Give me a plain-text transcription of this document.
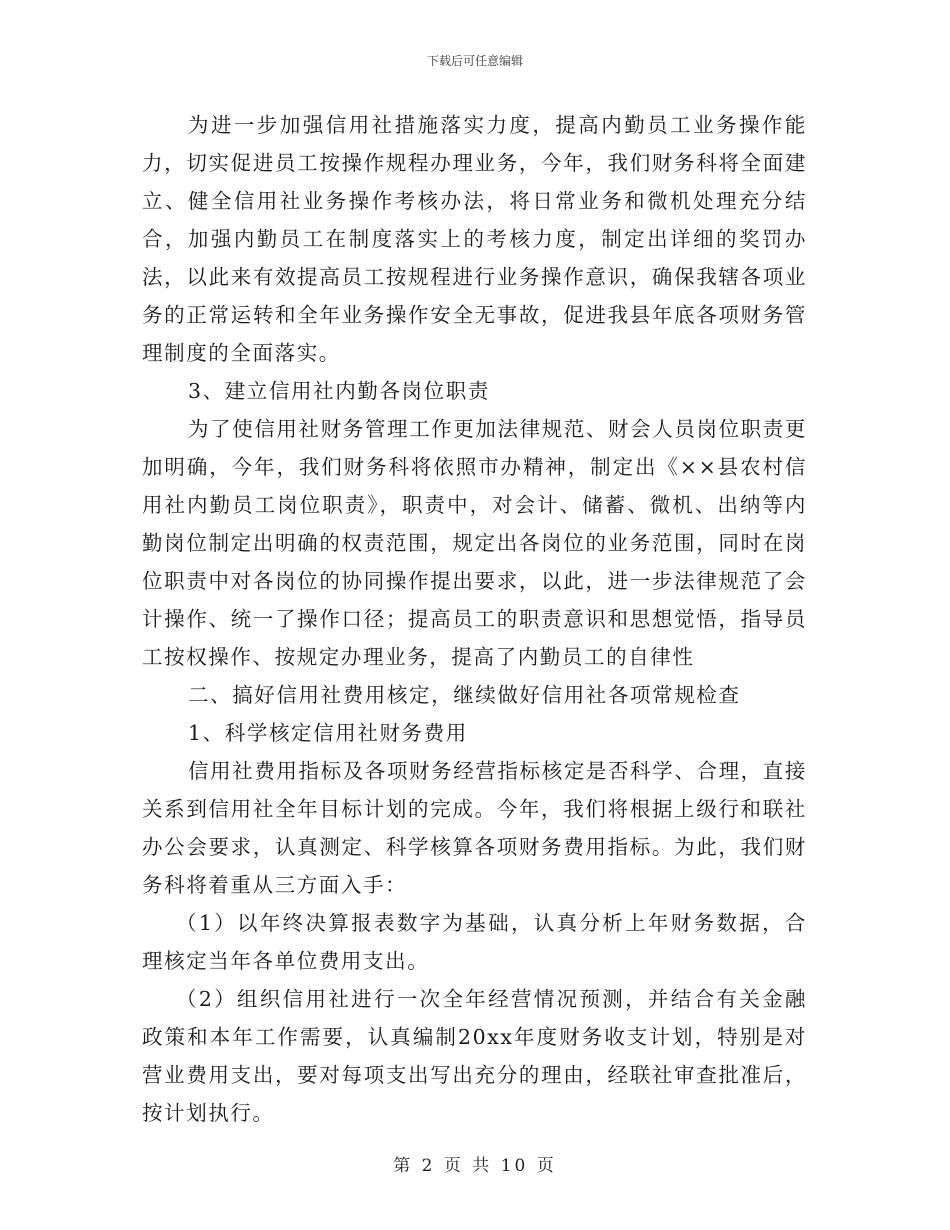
下载后可任意编辑

为进一步加强信用社措施落实力度，提高内勤员工业务操作能力，切实促进员工按操作规程办理业务，今年，我们财务科将全面建立、健全信用社业务操作考核办法，将日常业务和微机处理充分结合，加强内勤员工在制度落实上的考核力度，制定出详细的奖罚办法，以此来有效提高员工按规程进行业务操作意识，确保我辖各项业务的正常运转和全年业务操作安全无事故，促进我县年底各项财务管理制度的全面落实。

3、建立信用社内勤各岗位职责

为了使信用社财务管理工作更加法律规范、财会人员岗位职责更加明确，今年，我们财务科将依照市办精神，制定出《××县农村信用社内勤员工岗位职责》，职责中，对会计、储蓄、微机、出纳等内勤岗位制定出明确的权责范围，规定出各岗位的业务范围，同时在岗位职责中对各岗位的协同操作提出要求，以此，进一步法律规范了会计操作、统一了操作口径；提高员工的职责意识和思想觉悟，指导员工按权操作、按规定办理业务，提高了内勤员工的自律性

二、搞好信用社费用核定，继续做好信用社各项常规检查

1、科学核定信用社财务费用

信用社费用指标及各项财务经营指标核定是否科学、合理，直接关系到信用社全年目标计划的完成。今年，我们将根据上级行和联社办公会要求，认真测定、科学核算各项财务费用指标。为此，我们财务科将着重从三方面入手：

（1）以年终决算报表数字为基础，认真分析上年财务数据，合理核定当年各单位费用支出。

（2）组织信用社进行一次全年经营情况预测，并结合有关金融政策和本年工作需要，认真编制20xx年度财务收支计划，特别是对营业费用支出，要对每项支出写出充分的理由，经联社审查批准后，按计划执行。

第 2 页 共 10 页
